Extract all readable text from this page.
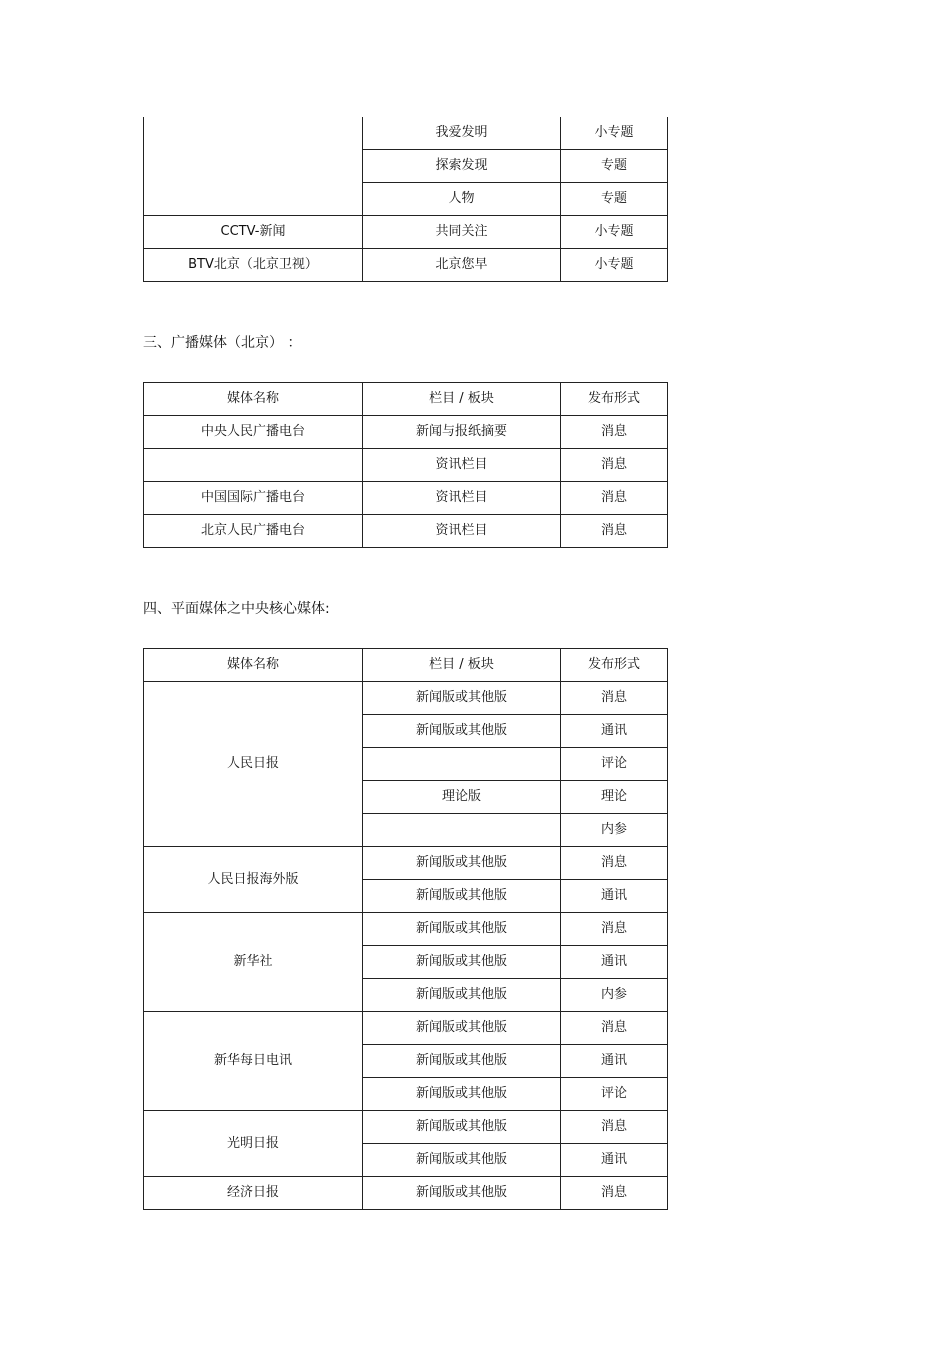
	我爱发明	小专题
	探索发现	专题
	人物	专题
CCTV-新闻	共同关注	小专题
BTV北京（北京卫视）	北京您早	小专题
三、广播媒体（北京） ：
媒体名称	栏目 / 板块	发布形式
中央人民广播电台	新闻与报纸摘要	消息
	资讯栏目	消息
中国国际广播电台	资讯栏目	消息
北京人民广播电台	资讯栏目	消息
四、平面媒体之中央核心媒体:
媒体名称	栏目 / 板块	发布形式
人民日报	新闻版或其他版	消息
	新闻版或其他版	通讯
		评论
	理论版	理论
		内参
人民日报海外版	新闻版或其他版	消息
	新闻版或其他版	通讯
新华社	新闻版或其他版	消息
	新闻版或其他版	通讯
	新闻版或其他版	内参
新华每日电讯	新闻版或其他版	消息
	新闻版或其他版	通讯
	新闻版或其他版	评论
光明日报	新闻版或其他版	消息
	新闻版或其他版	通讯
经济日报	新闻版或其他版	消息
